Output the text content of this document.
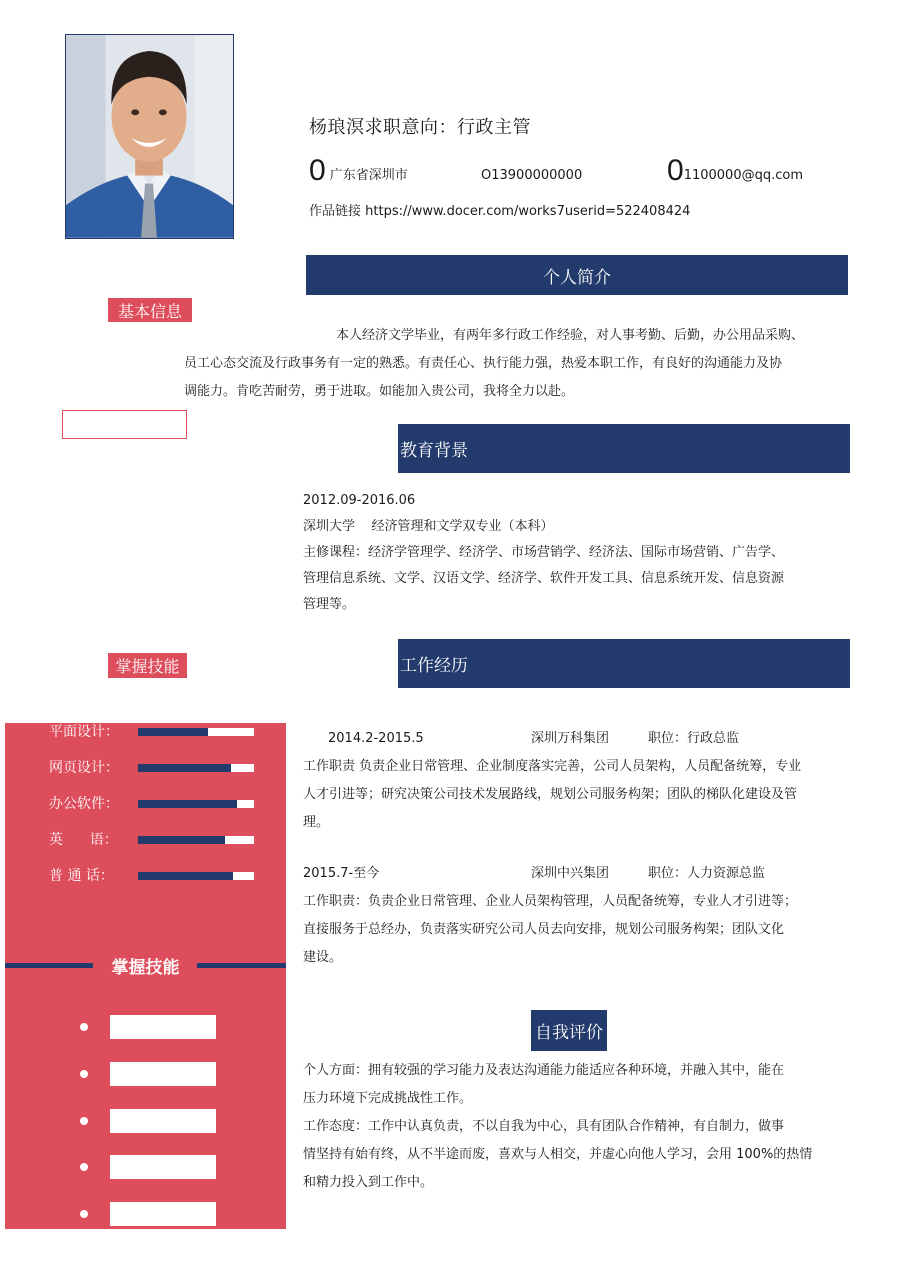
杨琅溟求职意向：行政主管
0 广东省深圳市	O13900000000	0 1100000@qq.com
作品链接 https://www.docer.com/works7userid=522408424
个人简介
基本信息
本人经济文学毕业，有两年多行政工作经验，对人事考勤、后勤，办公用品采购、
员工心态交流及行政事务有一定的熟悉。有责任心、执行能力强，热爱本职工作，有良好的沟通能力及协
调能力。肯吃苦耐劳，勇于进取。如能加入贵公司，我将全力以赴。
教育背景
2012.09-2016.06
深圳大学    经济管理和文学双专业（本科）
主修课程：经济学管理学、经济学、市场营销学、经济法、国际市场营销、广告学、
管理信息系统、文学、汉语文学、经济学、软件开发工具、信息系统开发、信息资源
管理等。
掌握技能	工作经历
2014.2-2015.5	深圳万科集团	职位：行政总监
工作职责 负责企业日常管理、企业制度落实完善，公司人员架构，人员配备统筹，专业
人才引进等；研究决策公司技术发展路线，规划公司服务构架；团队的梯队化建设及管
理。
2015.7-至今	深圳中兴集团	职位：人力资源总监
工作职责：负责企业日常管理、企业人员架构管理，人员配备统筹，专业人才引进等；
直接服务于总经办，负责落实研究公司人员去向安排，规划公司服务构架；团队文化
建设。
自我评价
个人方面：拥有较强的学习能力及表达沟通能力能适应各种环境，并融入其中，能在
压力环境下完成挑战性工作。
工作态度：工作中认真负责，不以自我为中心，具有团队合作精神，有自制力，做事
情坚持有始有终，从不半途而废，喜欢与人相交，并虚心向他人学习，会用 100%的热情
和精力投入到工作中。
平面设计：
网页设计：
办公软件：
英      语：
普 通 话：
掌握技能
